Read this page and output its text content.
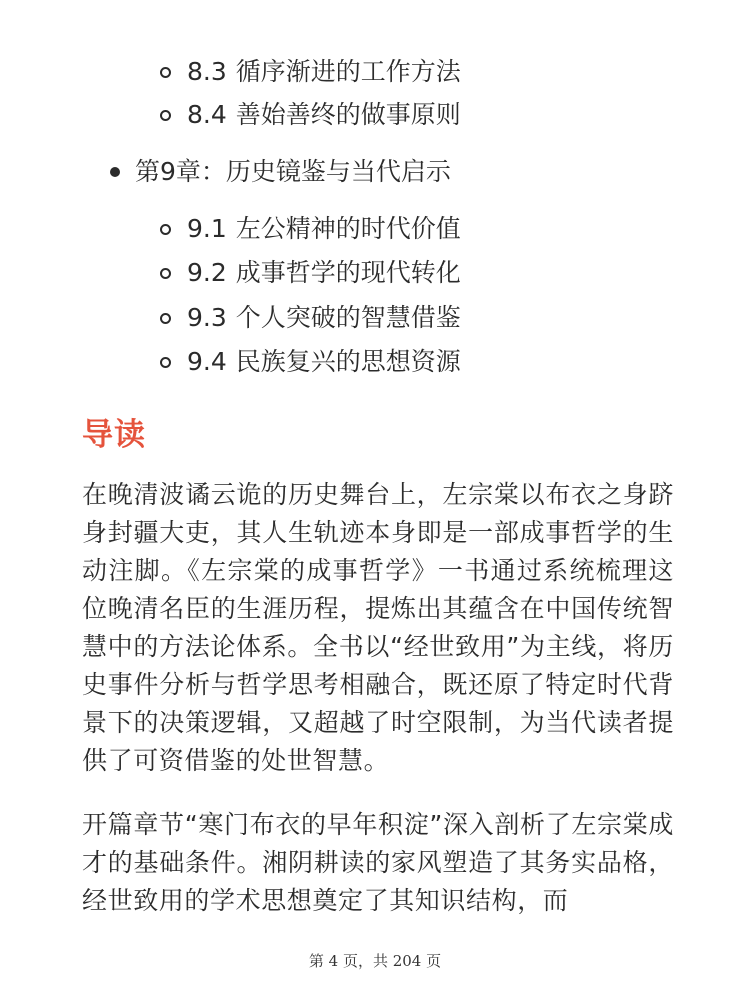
8.3 循序渐进的工作方法
8.4 善始善终的做事原则
第9章：历史镜鉴与当代启示
9.1 左公精神的时代价值
9.2 成事哲学的现代转化
9.3 个人突破的智慧借鉴
9.4 民族复兴的思想资源
导读
在晚清波谲云诡的历史舞台上，左宗棠以布衣之身跻身封疆大吏，其人生轨迹本身即是一部成事哲学的生动注脚。《左宗棠的成事哲学》一书通过系统梳理这位晚清名臣的生涯历程，提炼出其蕴含在中国传统智慧中的方法论体系。全书以“经世致用”为主线，将历史事件分析与哲学思考相融合，既还原了特定时代背景下的决策逻辑，又超越了时空限制，为当代读者提供了可资借鉴的处世智慧。
开篇章节“寒门布衣的早年积淀”深入剖析了左宗棠成才的基础条件。湘阴耕读的家风塑造了其务实品格，经世致用的学术思想奠定了其知识结构，而
第 4 页，共 204 页
